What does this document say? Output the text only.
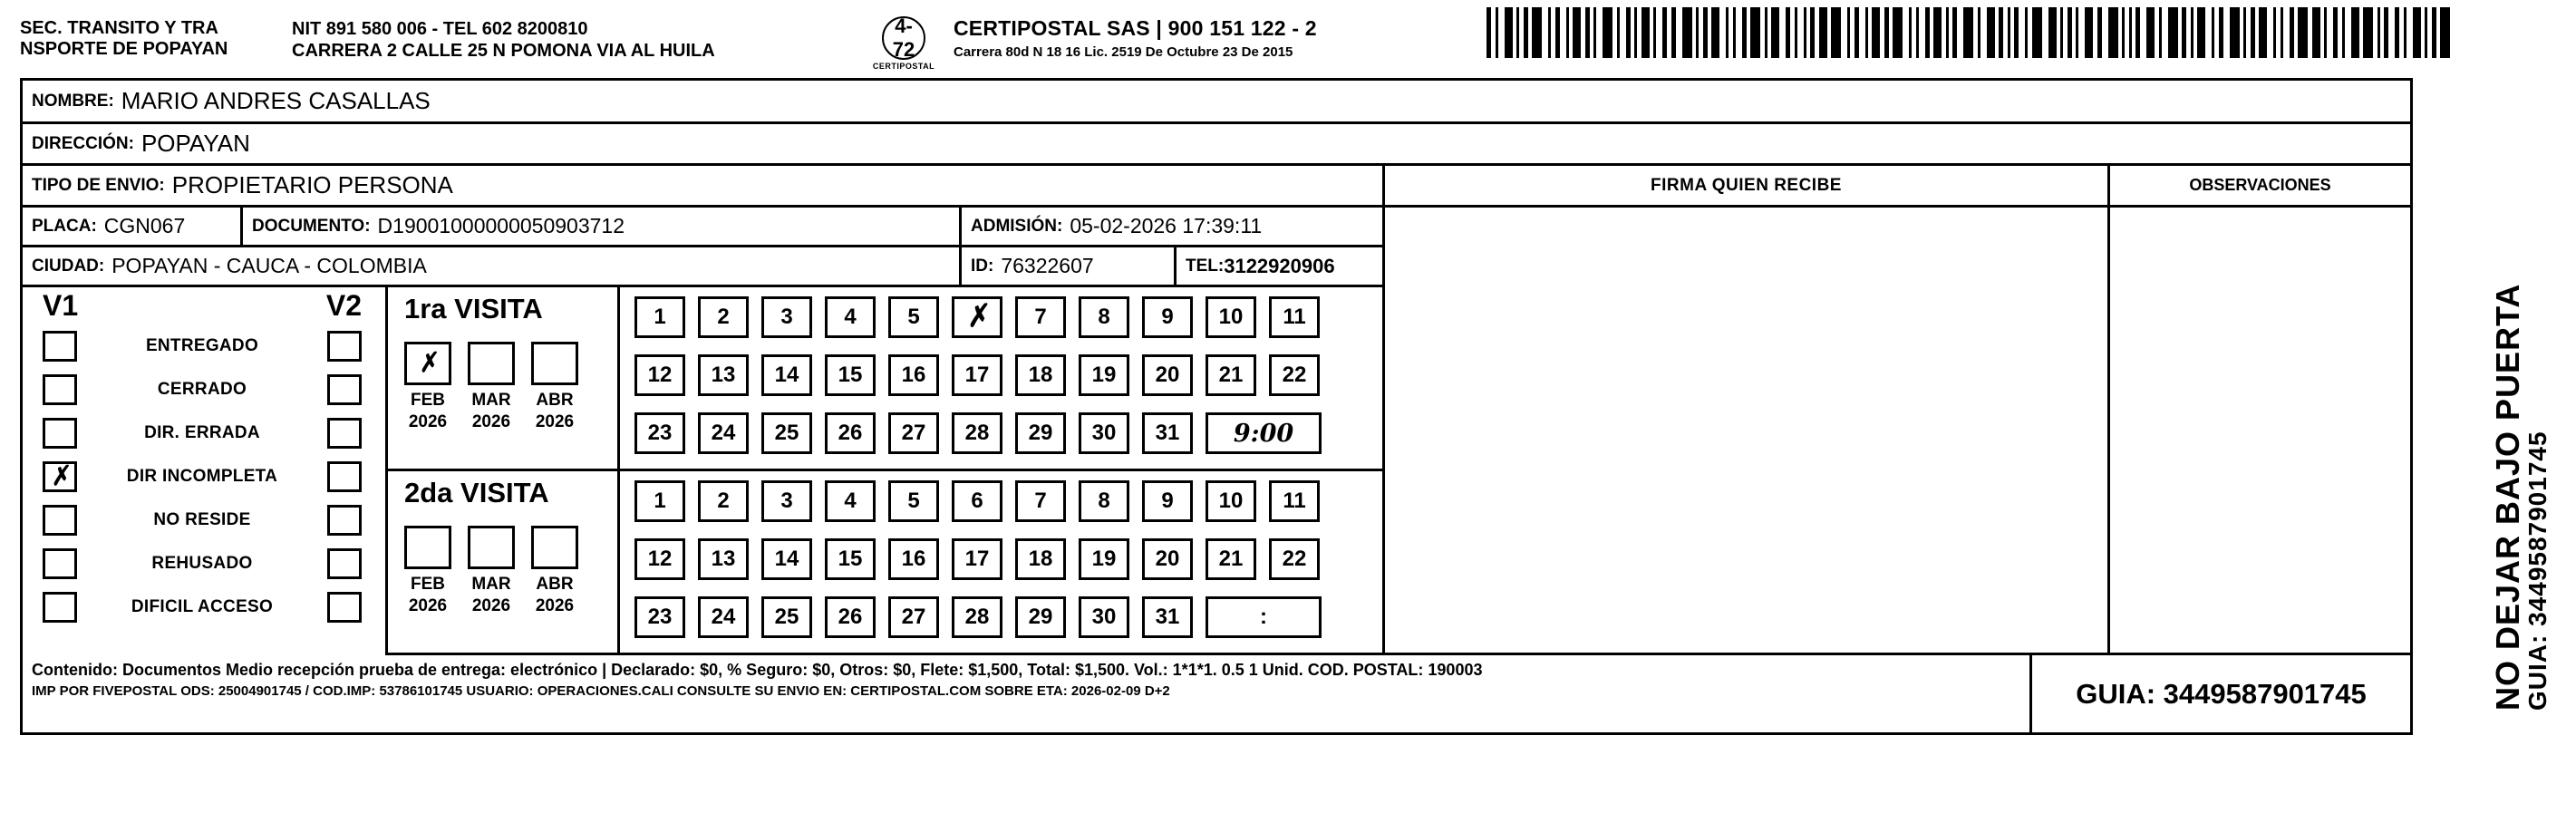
SEC. TRANSITO Y TRA
NSPORTE DE POPAYAN
NIT 891 580 006 - TEL 602 8200810
CARRERA 2 CALLE 25 N POMONA VIA AL HUILA
4-72
CERTIPOSTAL
CERTIPOSTAL SAS | 900 151 122 - 2
Carrera 80d N 18 16 Lic. 2519 De Octubre 23 De 2015
NOMBRE: MARIO ANDRES CASALLAS
DIRECCIÓN: POPAYAN
TIPO DE ENVIO: PROPIETARIO PERSONA
PLACA: CGN067	DOCUMENTO: D19001000000050903712	ADMISIÓN: 05-02-2026 17:39:11
CIUDAD: POPAYAN - CAUCA - COLOMBIA	ID: 76322607	TEL: 3122920906
FIRMA QUIEN RECIBE	OBSERVACIONES
V1	V2
ENTREGADO
CERRADO
DIR. ERRADA
✗	DIR INCOMPLETA
NO RESIDE
REHUSADO
DIFICIL ACCESO
1ra VISITA
✗
FEB	MAR ABR
2026 2026 2026
1	2	3	4	5	✗	7	8	9	10	11
12	13	14	15	16	17	18	19	20	21	22
23	24	25	26	27	28	29	30	31	9:00
2da VISITA
FEB	MAR ABR
2026 2026 2026
1	2	3	4	5	6	7	8	9	10	11
12	13	14	15	16	17	18	19	20	21	22
23	24	25	26	27	28	29	30	31	:
Contenido: Documentos Medio recepción prueba de entrega: electrónico | Declarado: $0, % Seguro: $0, Otros: $0, Flete: $1,500, Total: $1,500. Vol.: 1*1*1. 0.5 1 Unid. COD. POSTAL: 190003
IMP POR FIVEPOSTAL ODS: 25004901745 / COD.IMP: 53786101745 USUARIO: OPERACIONES.CALI CONSULTE SU ENVIO EN: CERTIPOSTAL.COM SOBRE ETA: 2026-02-09 D+2	GUIA: 3449587901745	NO DEJAR BAJO PUERTA
GUIA: 3449587901745
